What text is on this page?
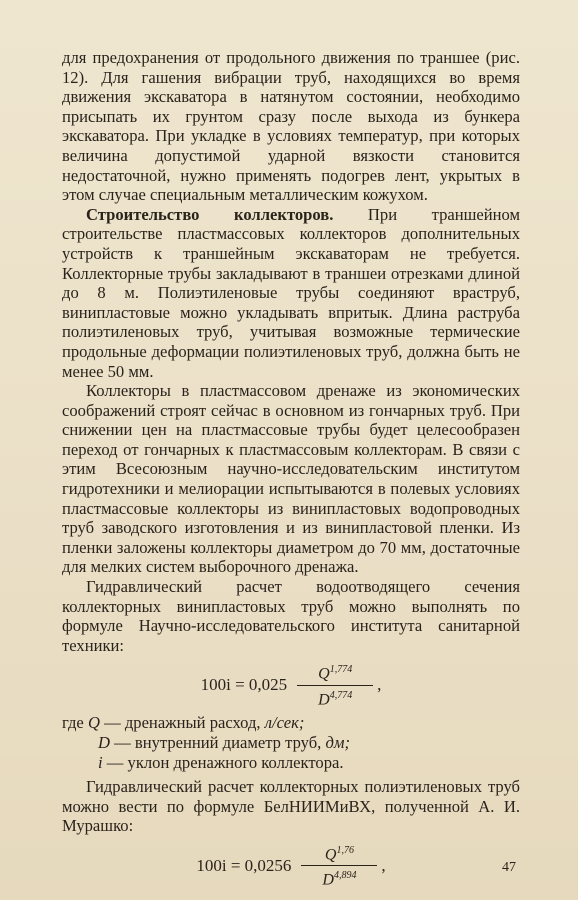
для предохранения от продольного движения по траншее (рис. 12). Для гашения вибрации труб, находящихся во время движения экскаватора в натянутом состоянии, необходимо присыпать их грунтом сразу после выхода из бункера экскаватора. При укладке в условиях температур, при которых величина допустимой ударной вязкости становится недостаточной, нужно применять подогрев лент, укрытых в этом случае специальным металлическим кожухом.

Строительство коллекторов. При траншейном строительстве пластмассовых коллекторов дополнительных устройств к траншейным экскаваторам не требуется. Коллекторные трубы закладывают в траншеи отрезками длиной до 8 м. Полиэтиленовые трубы соединяют враструб, винипластовые можно укладывать впритык. Длина раструба полиэтиленовых труб, учитывая возможные термические продольные деформации полиэтиленовых труб, должна быть не менее 50 мм.

Коллекторы в пластмассовом дренаже из экономических соображений строят сейчас в основном из гончарных труб. При снижении цен на пластмассовые трубы будет целесообразен переход от гончарных к пластмассовым коллекторам. В связи с этим Всесоюзным научно-исследовательским институтом гидротехники и мелиорации испытываются в полевых условиях пластмассовые коллекторы из винипластовых водопроводных труб заводского изготовления и из винипластовой пленки. Из пленки заложены коллекторы диаметром до 70 мм, достаточные для мелких систем выборочного дренажа.

Гидравлический расчет водоотводящего сечения коллекторных винипластовых труб можно выполнять по формуле Научно-исследовательского института санитарной техники:

$100i = 0,025 \frac{Q^{1,774}}{D^{4,774}}$ ,
где Q — дренажный расход, л/сек;
D — внутренний диаметр труб, дм;
i — уклон дренажного коллектора.

Гидравлический расчет коллекторных полиэтиленовых труб можно вести по формуле БелНИИМиВХ, полученной А. И. Мурашко:

$100i = 0,0256 \frac{Q^{1,76}}{D^{4,894}}$ ,	47
